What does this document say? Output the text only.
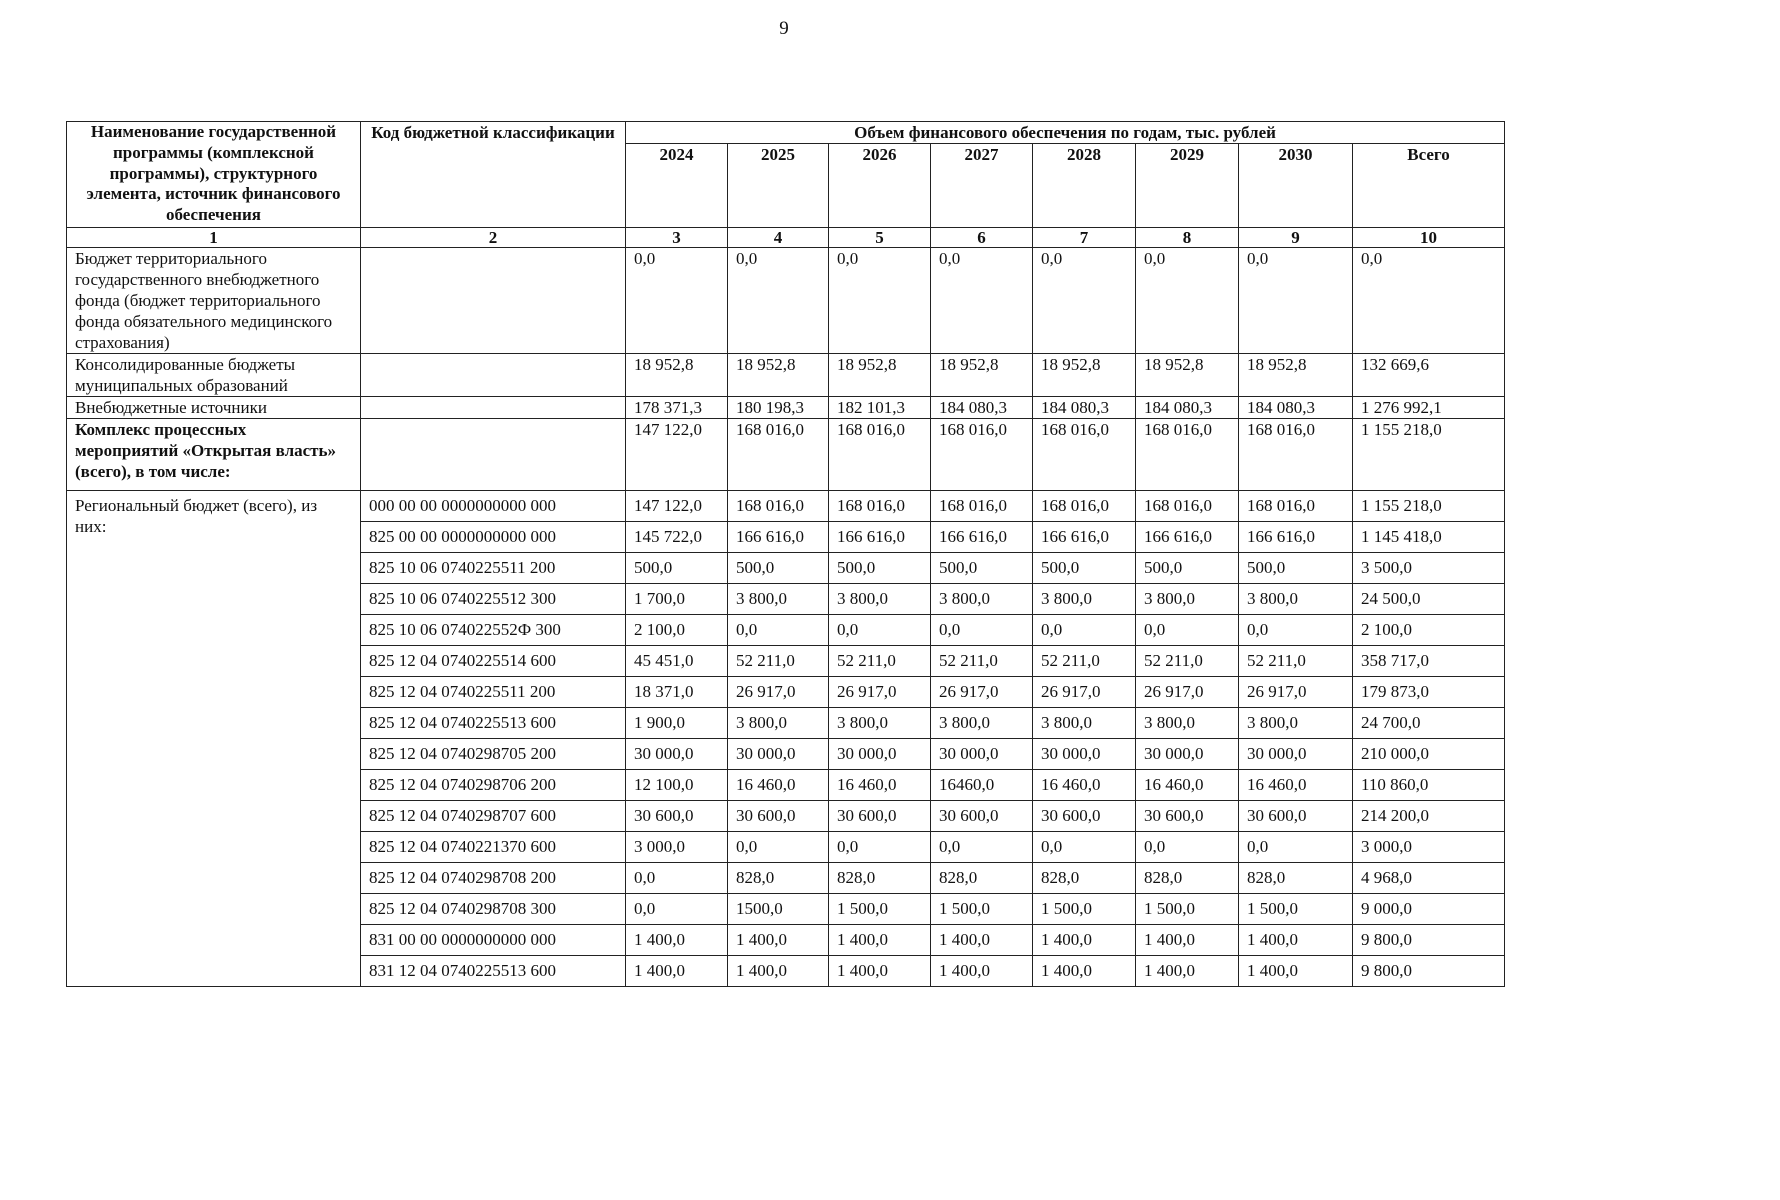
9
Наименование государственной программы (комплексной программы), структурного элемента, источник финансового обеспечения	Код бюджетной классификации	Объем финансового обеспечения по годам, тыс. рублей							
		2024	2025	2026	2027	2028	2029	2030	Всего
1	2	3	4	5	6	7	8	9	10
Бюджет территориального государственного внебюджетного фонда (бюджет территориального фонда обязательного медицинского страхования)		0,0	0,0	0,0	0,0	0,0	0,0	0,0	0,0
Консолидированные бюджеты муниципальных образований		18 952,8	18 952,8	18 952,8	18 952,8	18 952,8	18 952,8	18 952,8	132 669,6
Внебюджетные источники		178 371,3	180 198,3	182 101,3	184 080,3	184 080,3	184 080,3	184 080,3	1 276 992,1
Комплекс процессных мероприятий «Открытая власть» (всего), в том числе:		147 122,0	168 016,0	168 016,0	168 016,0	168 016,0	168 016,0	168 016,0	1 155 218,0
Региональный бюджет (всего), из них:	000 00 00 0000000000 000	147 122,0	168 016,0	168 016,0	168 016,0	168 016,0	168 016,0	168 016,0	1 155 218,0
	825 00 00 0000000000 000	145 722,0	166 616,0	166 616,0	166 616,0	166 616,0	166 616,0	166 616,0	1 145 418,0
	825 10 06 0740225511 200	500,0	500,0	500,0	500,0	500,0	500,0	500,0	3 500,0
	825 10 06 0740225512 300	1 700,0	3 800,0	3 800,0	3 800,0	3 800,0	3 800,0	3 800,0	24 500,0
	825 10 06 074022552Ф 300	2 100,0	0,0	0,0	0,0	0,0	0,0	0,0	2 100,0
	825 12 04 0740225514 600	45 451,0	52 211,0	52 211,0	52 211,0	52 211,0	52 211,0	52 211,0	358 717,0
	825 12 04 0740225511 200	18 371,0	26 917,0	26 917,0	26 917,0	26 917,0	26 917,0	26 917,0	179 873,0
	825 12 04 0740225513 600	1 900,0	3 800,0	3 800,0	3 800,0	3 800,0	3 800,0	3 800,0	24 700,0
	825 12 04 0740298705 200	30 000,0	30 000,0	30 000,0	30 000,0	30 000,0	30 000,0	30 000,0	210 000,0
	825 12 04 0740298706 200	12 100,0	16 460,0	16 460,0	16460,0	16 460,0	16 460,0	16 460,0	110 860,0
	825 12 04 0740298707 600	30 600,0	30 600,0	30 600,0	30 600,0	30 600,0	30 600,0	30 600,0	214 200,0
	825 12 04 0740221370 600	3 000,0	0,0	0,0	0,0	0,0	0,0	0,0	3 000,0
	825 12 04 0740298708 200	0,0	828,0	828,0	828,0	828,0	828,0	828,0	4 968,0
	825 12 04 0740298708 300	0,0	1500,0	1 500,0	1 500,0	1 500,0	1 500,0	1 500,0	9 000,0
	831 00 00 0000000000 000	1 400,0	1 400,0	1 400,0	1 400,0	1 400,0	1 400,0	1 400,0	9 800,0
	831 12 04 0740225513 600	1 400,0	1 400,0	1 400,0	1 400,0	1 400,0	1 400,0	1 400,0	9 800,0
